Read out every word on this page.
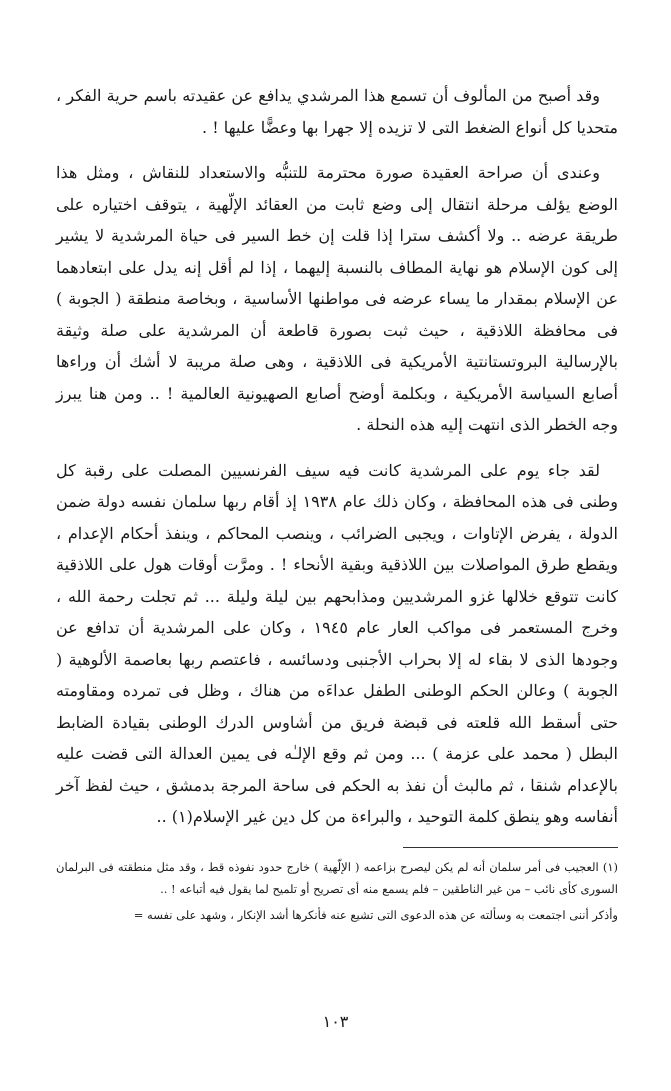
وقد أصبح من المألوف أن تسمع هذا المرشدي يدافع عن عقيدته باسم حرية الفكر ، متحديا كل أنواع الضغط التى لا تزيده إلا جهرا بها وعضًّا عليها ! .

وعندى أن صراحة العقيدة صورة محترمة للتنبُّه والاستعداد للنقاش ، ومثل هذا الوضع يؤلف مرحلة انتقال إلى وضع ثابت من العقائد الإلّهية ، يتوقف اختياره على طريقة عرضه .. ولا أكشف سترا إذا قلت إن خط السير فى حياة المرشدية لا يشير إلى كون الإسلام هو نهاية المطاف بالنسبة إليهما ، إذا لم أقل إنه يدل على ابتعادهما عن الإسلام بمقدار ما يساء عرضه فى مواطنها الأساسية ، وبخاصة منطقة ( الجوبة ) فى محافظة اللاذقية ، حيث ثبت بصورة قاطعة أن المرشدية على صلة وثيقة بالإرسالية البروتستانتية الأمريكية فى اللاذقية ، وهى صلة مريبة لا أشك أن وراءها أصابع السياسة الأمريكية ، وبكلمة أوضح أصابع الصهيونية العالمية ! .. ومن هنا يبرز وجه الخطر الذى انتهت إليه هذه النحلة .

لقد جاء يوم على المرشدية كانت فيه سيف الفرنسيين المصلت على رقبة كل وطنى فى هذه المحافظة ، وكان ذلك عام ١٩٣٨ إذ أقام ربها سلمان نفسه دولة ضمن الدولة ، يفرض الإتاوات ، ويجبى الضرائب ، وينصب المحاكم ، وينفذ أحكام الإعدام ، ويقطع طرق المواصلات بين اللاذقية وبقية الأنحاء ! . ومرَّت أوقات هول على اللاذقية كانت تتوقع خلالها غزو المرشديين ومذابحهم بين ليلة وليلة ... ثم تجلت رحمة الله ، وخرج المستعمر فى مواكب العار عام ١٩٤٥ ، وكان على المرشدية أن تدافع عن وجودها الذى لا بقاء له إلا بحراب الأجنبى ودسائسه ، فاعتصم ربها بعاصمة الألوهية ( الجوبة ) وعالن الحكم الوطنى الطفل عداءَه من هناك ، وظل فى تمرده ومقاومته حتى أسقط الله قلعته فى قبضة فريق من أشاوس الدرك الوطنى بقيادة الضابط البطل ( محمد على عزمة ) ... ومن ثم وقع الإلـٰه فى يمين العدالة التى قضت عليه بالإعدام شنقا ، ثم مالبث أن نفذ به الحكم فى ساحة المرجة بدمشق ، حيث لفظ آخر أنفاسه وهو ينطق كلمة التوحيد ، والبراءة من كل دين غير الإسلام(١) ..

(١) العجيب فى أمر سلمان أنه لم يكن ليصرح بزاعمه ( الإلّهية ) خارج حدود نفوذه قط ، وقد مثل منطقته فى البرلمان السورى كأى نائب – من غير الناطقين – فلم يسمع منه أى تصريح أو تلميح لما يقول فيه أتباعه ! ..

وأذكر أننى اجتمعت به وسألته عن هذه الدعوى التى تشيع عنه فأنكرها أشد الإنكار ، وشهد على نفسه =

١٠٣
